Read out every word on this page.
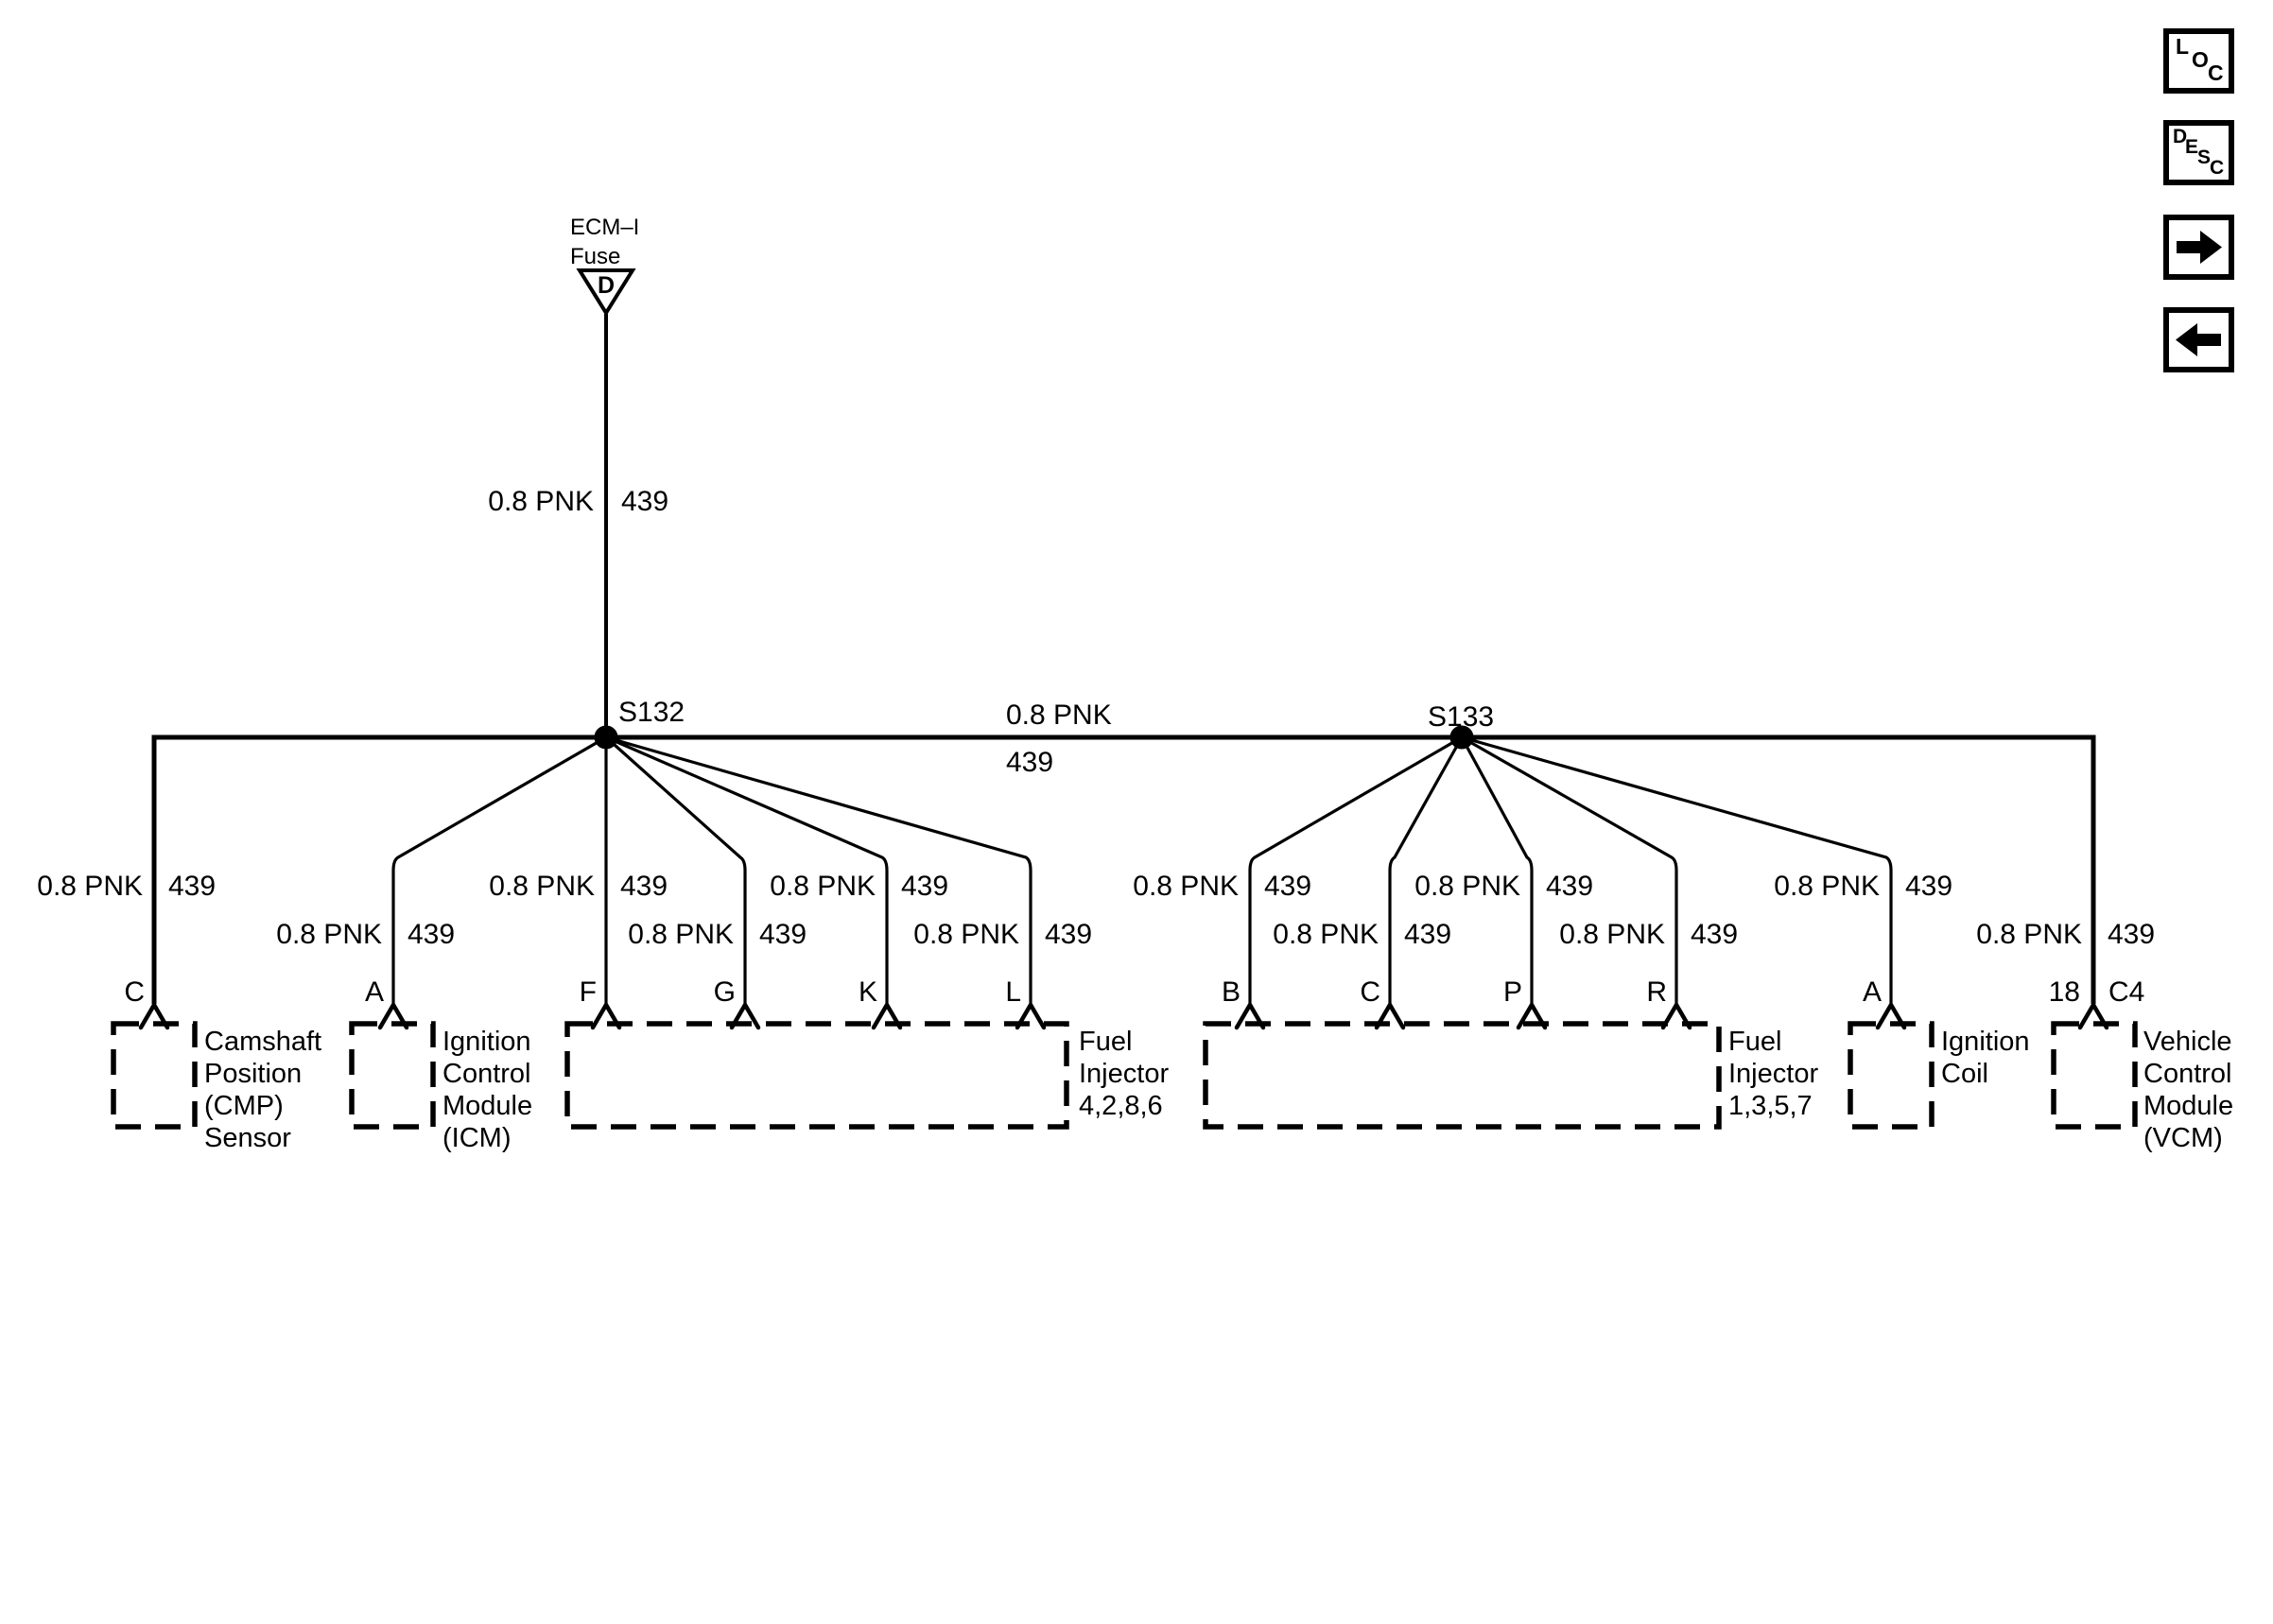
ECM–I
Fuse
D
0.8 PNK 439
S132	S133
0.8 PNK
439
0.8 PNK 439
0.8 PNK 439
0.8 PNK 439
0.8 PNK 439
0.8 PNK 439
0.8 PNK 439
0.8 PNK 439
0.8 PNK 439
0.8 PNK 439
0.8 PNK 439
0.8 PNK 439
0.8 PNK 439
C	A	F	G	K	L	B	C	P	R	A	18 C4
Camshaft
Position
(CMP)
Sensor
Ignition
Control
Module
(ICM)
Fuel
Injector
4,2,8,6
Fuel
Injector
1,3,5,7
Ignition
Coil
Vehicle
Control
Module
(VCM)
L
O
C
D
E
S
C
